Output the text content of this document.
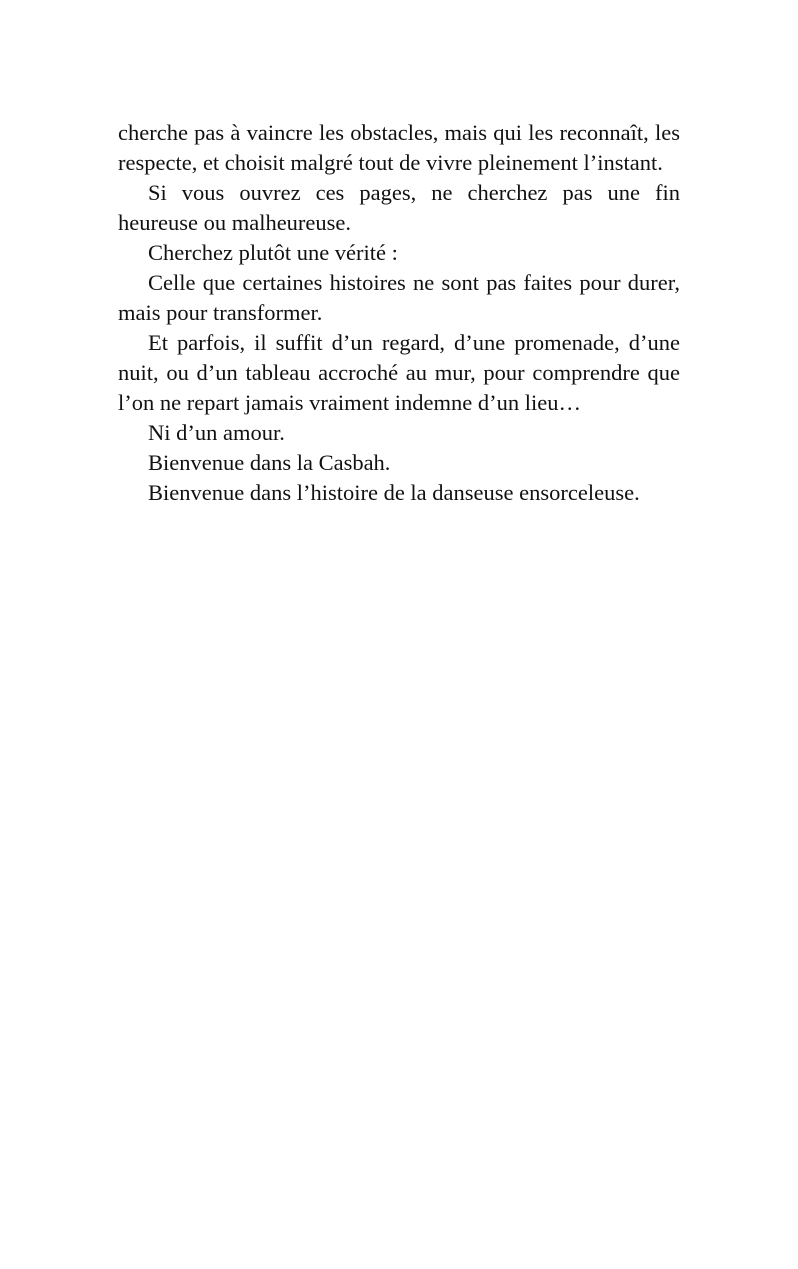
cherche pas à vaincre les obstacles, mais qui les reconnaît, les respecte, et choisit malgré tout de vivre pleinement l’instant.

Si vous ouvrez ces pages, ne cherchez pas une fin heureuse ou malheureuse.

Cherchez plutôt une vérité :

Celle que certaines histoires ne sont pas faites pour durer, mais pour transformer.

Et parfois, il suffit d’un regard, d’une promenade, d’une nuit, ou d’un tableau accroché au mur, pour comprendre que l’on ne repart jamais vraiment indemne d’un lieu…

Ni d’un amour.

Bienvenue dans la Casbah.

Bienvenue dans l’histoire de la danseuse ensorceleuse.
